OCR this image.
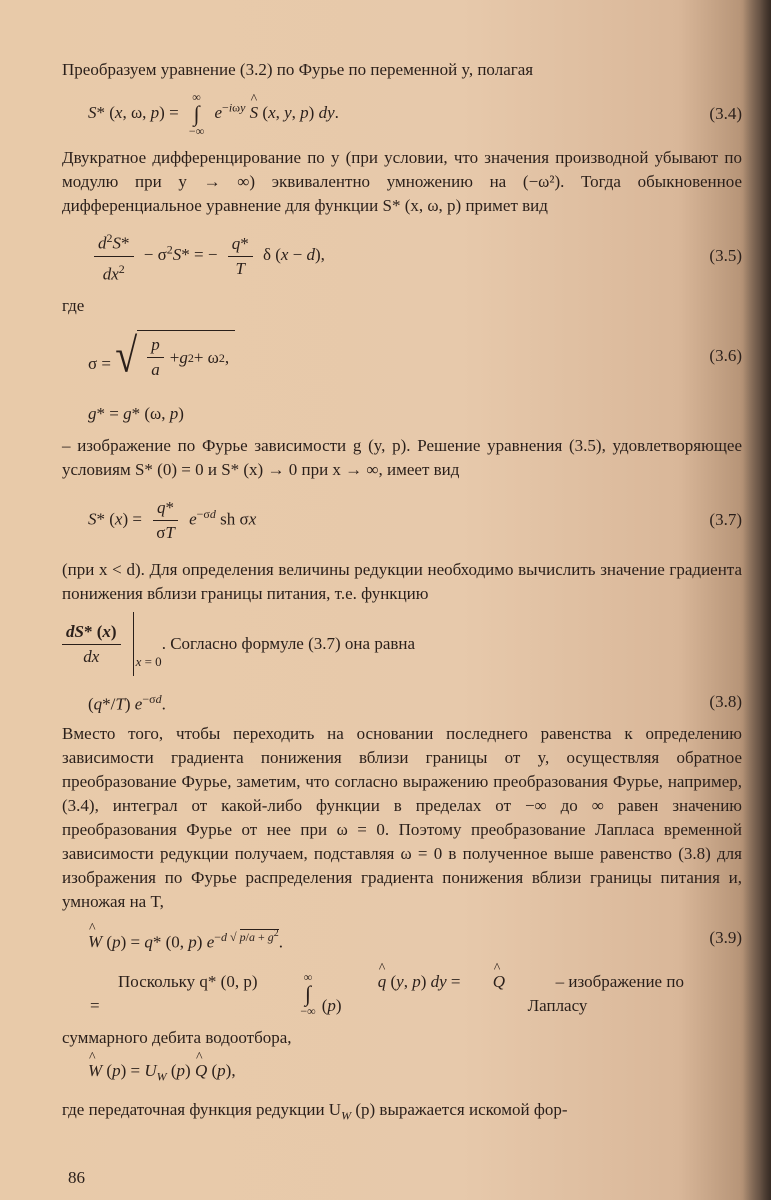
Преобразуем уравнение (3.2) по Фурье по переменной y, полагая

S* (x, ω, p) =
∞
∫
−∞
$e^{-i\omega y}$ ^ S (x, y, p) dy.	(3.4)

Двукратное дифференцирование по y (при условии, что значения производной убывают по модулю при y → ∞) эквивалентно умножению на (−ω²). Тогда обыкновенное дифференциальное уравнение для функции S* (x, ω, p) примет вид

$\frac{d^2S*}{dx^2} - \sigma^2S*$ = − $\frac{q*}{T}$ δ (x − d),	(3.5)

где

σ = √ $\frac{p}{a} + g$ 2 + ω 2 ,	(3.6)
g* = g* (ω, p)

– изображение по Фурье зависимости g (y, p). Решение уравнения (3.5), удовлетворяющее условиям S* (0) = 0 и S* (x) → 0 при x → ∞, имеет вид

S* $(x) = \frac{q*}{\sigma T} e^{-\sigma d}$ sh σx	(3.7)

(при x < d). Для определения величины редукции необходимо вычислить значение градиента понижения вблизи границы питания, т.е. функцию

$\frac{dS* (x)}{dx}$ x = 0
. Согласно формуле (3.7) она равна
(q*/T) $e^{-\sigma d}$.	(3.8)

Вместо того, чтобы переходить на основании последнего равенства к определению зависимости градиента понижения вблизи границы от y, осуществляя обратное преобразование Фурье, заметим, что согласно выражению преобразования Фурье, например, (3.4), интеграл от какой-либо функции в пределах от −∞ до ∞ равен значению преобразования Фурье от нее при ω = 0. Поэтому преобразование Лапласа временной зависимости редукции получаем, подставляя ω = 0 в полученное выше равенство (3.8) для изображения по Фурье распределения градиента понижения вблизи границы питания и, умножая на T,

^ W (p) = q* (0, p) $e^{-d √ p/a + g^2}$.	(3.9)
Поскольку q* (0, p) =
∞
∫
−∞
^ q (y, p) dy = ^ Q (p)
– изображение по Лапласу

суммарного дебита водоотбора,

^ W $(p) = U_W$ (p) ^ Q (p),

где передаточная функция редукции $U_W$ (p) выражается искомой фор-

86
